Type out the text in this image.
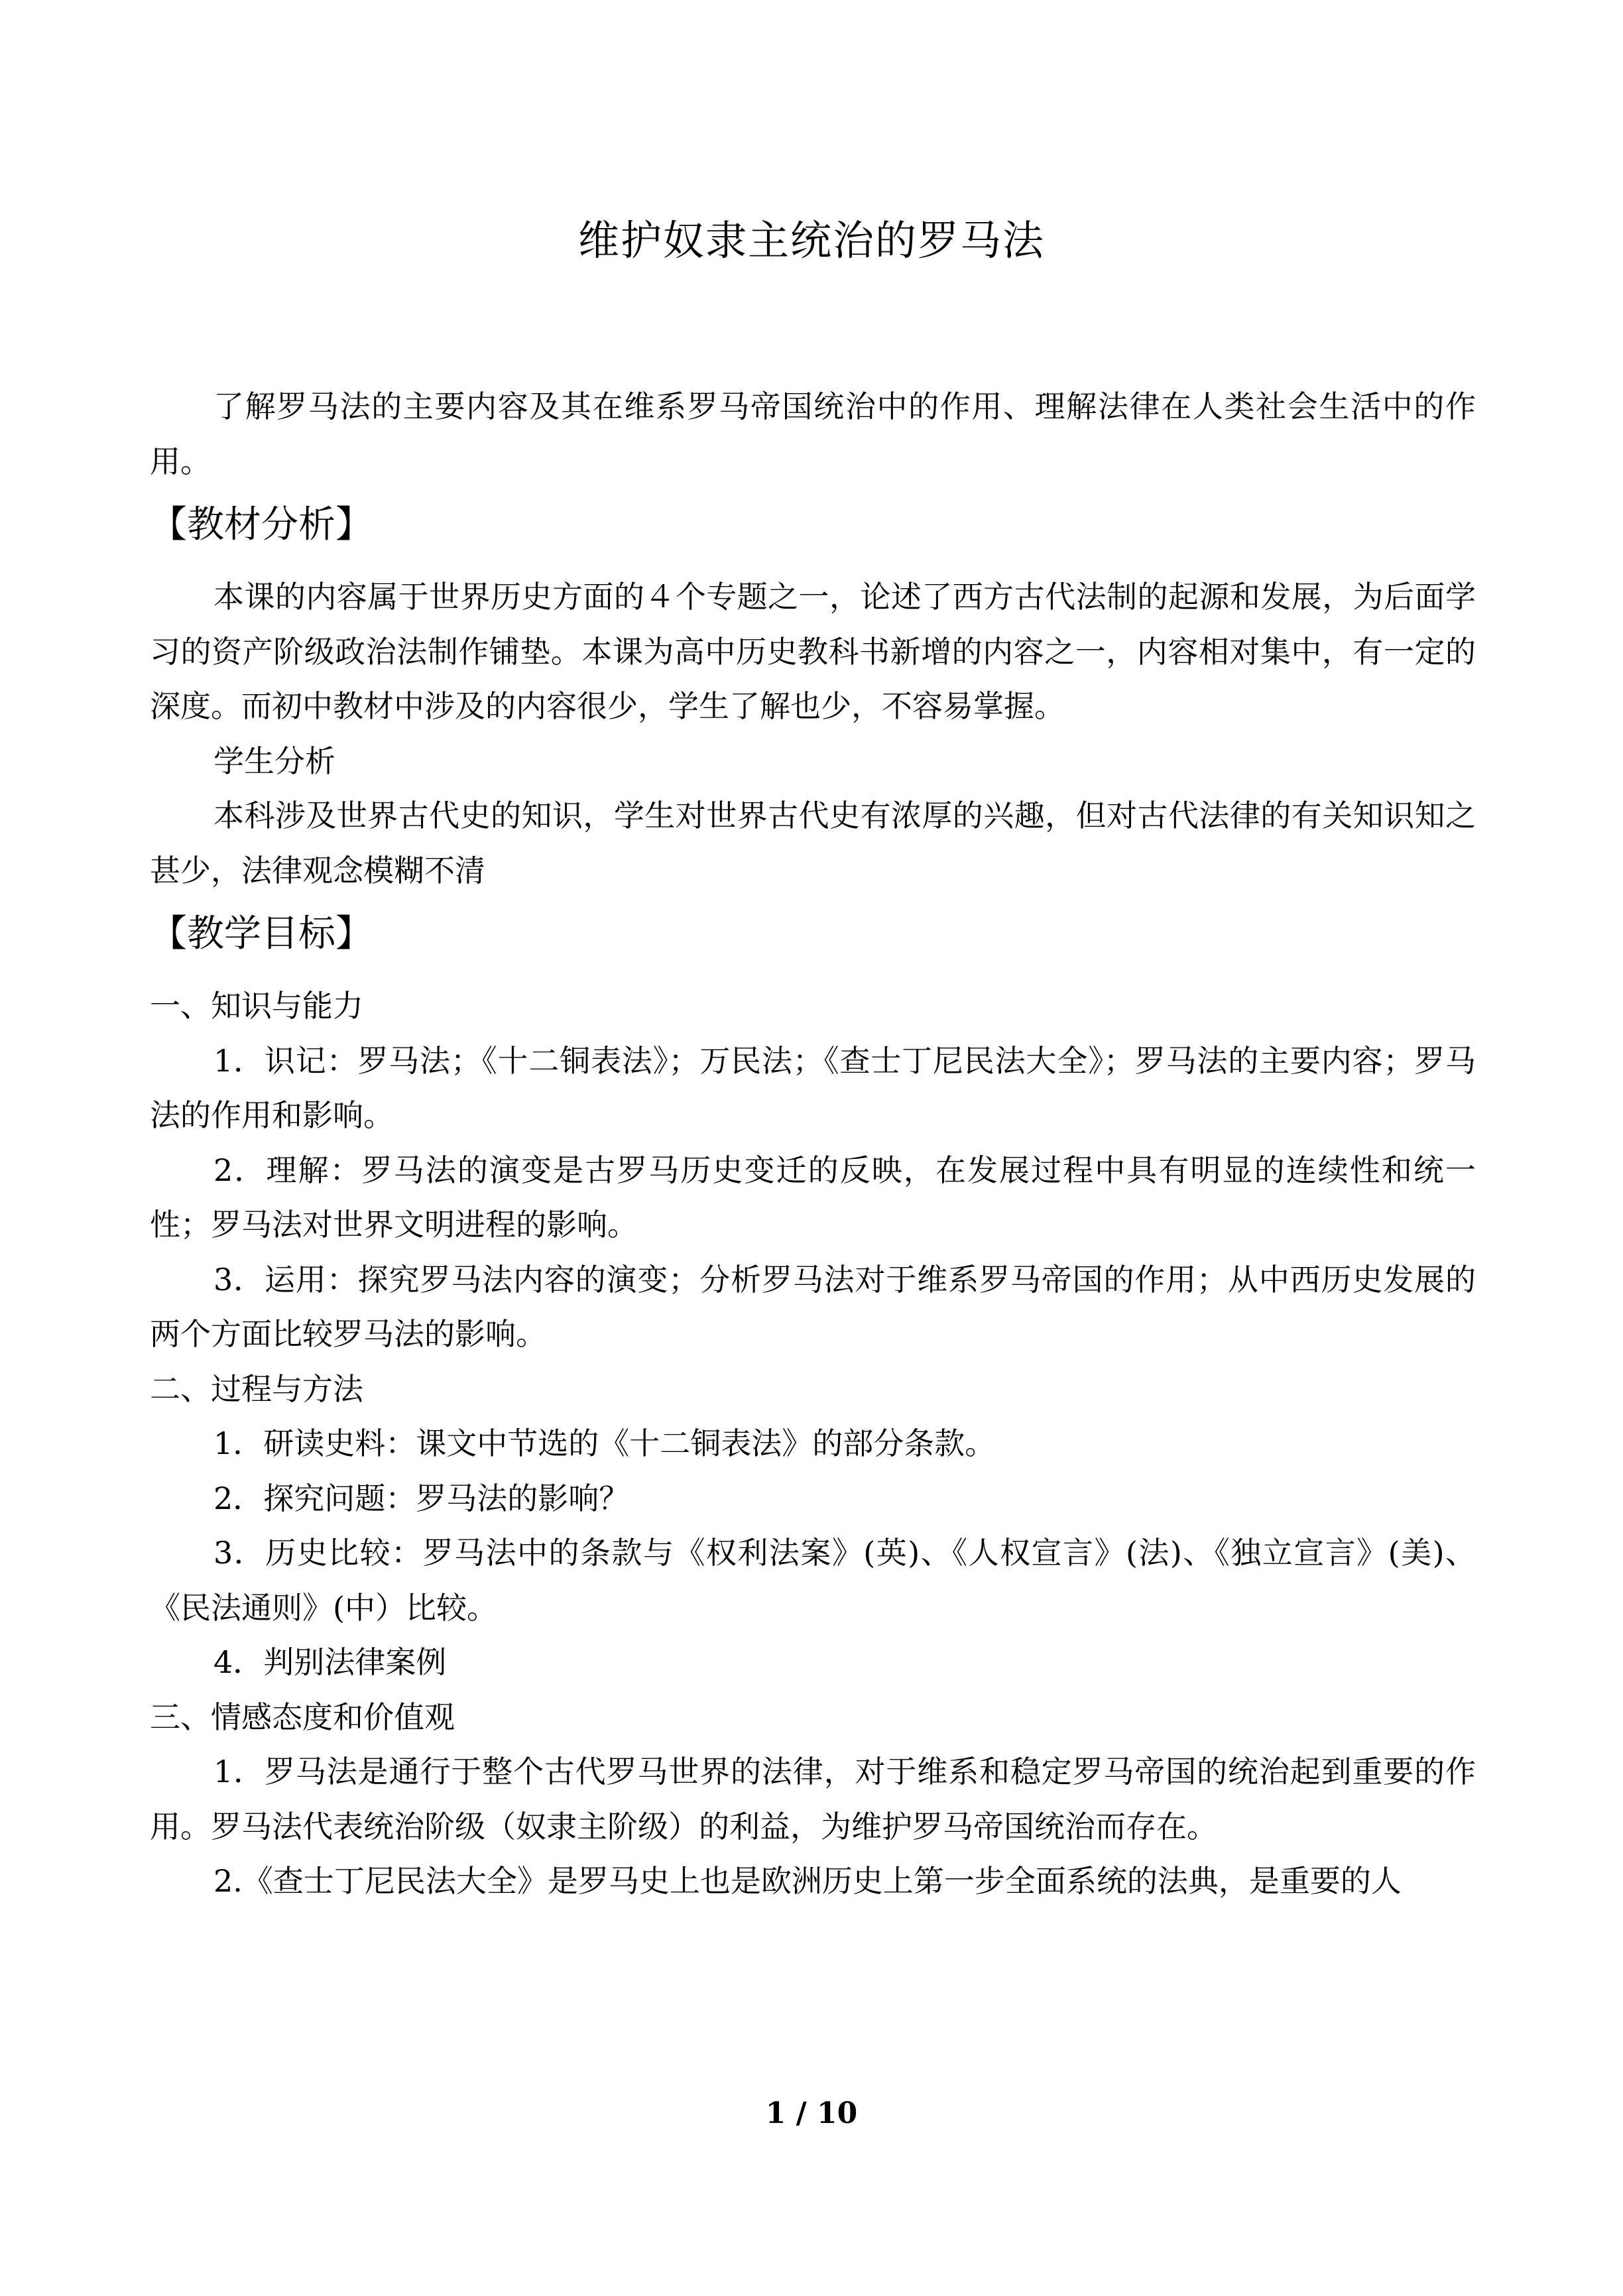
维护奴隶主统治的罗马法

了解罗马法的主要内容及其在维系罗马帝国统治中的作用、理解法律在人类社会生活中的作用。

【教材分析】

本课的内容属于世界历史方面的４个专题之一，论述了西方古代法制的起源和发展，为后面学习的资产阶级政治法制作铺垫。本课为高中历史教科书新增的内容之一，内容相对集中，有一定的深度。而初中教材中涉及的内容很少，学生了解也少，不容易掌握。

学生分析

本科涉及世界古代史的知识，学生对世界古代史有浓厚的兴趣，但对古代法律的有关知识知之甚少，法律观念模糊不清

【教学目标】

一、知识与能力

1．识记：罗马法；《十二铜表法》；万民法；《查士丁尼民法大全》；罗马法的主要内容；罗马法的作用和影响。

2．理解：罗马法的演变是古罗马历史变迁的反映，在发展过程中具有明显的连续性和统一性；罗马法对世界文明进程的影响。

3．运用：探究罗马法内容的演变；分析罗马法对于维系罗马帝国的作用；从中西历史发展的两个方面比较罗马法的影响。

二、过程与方法

1．研读史料：课文中节选的《十二铜表法》的部分条款。

2．探究问题：罗马法的影响？

3．历史比较：罗马法中的条款与《权利法案》(英)、《人权宣言》(法)、《独立宣言》(美)、《民法通则》(中）比较。

4．判别法律案例

三、情感态度和价值观

1．罗马法是通行于整个古代罗马世界的法律，对于维系和稳定罗马帝国的统治起到重要的作用。罗马法代表统治阶级（奴隶主阶级）的利益，为维护罗马帝国统治而存在。

2.《查士丁尼民法大全》是罗马史上也是欧洲历史上第一步全面系统的法典，是重要的人

1 / 10
